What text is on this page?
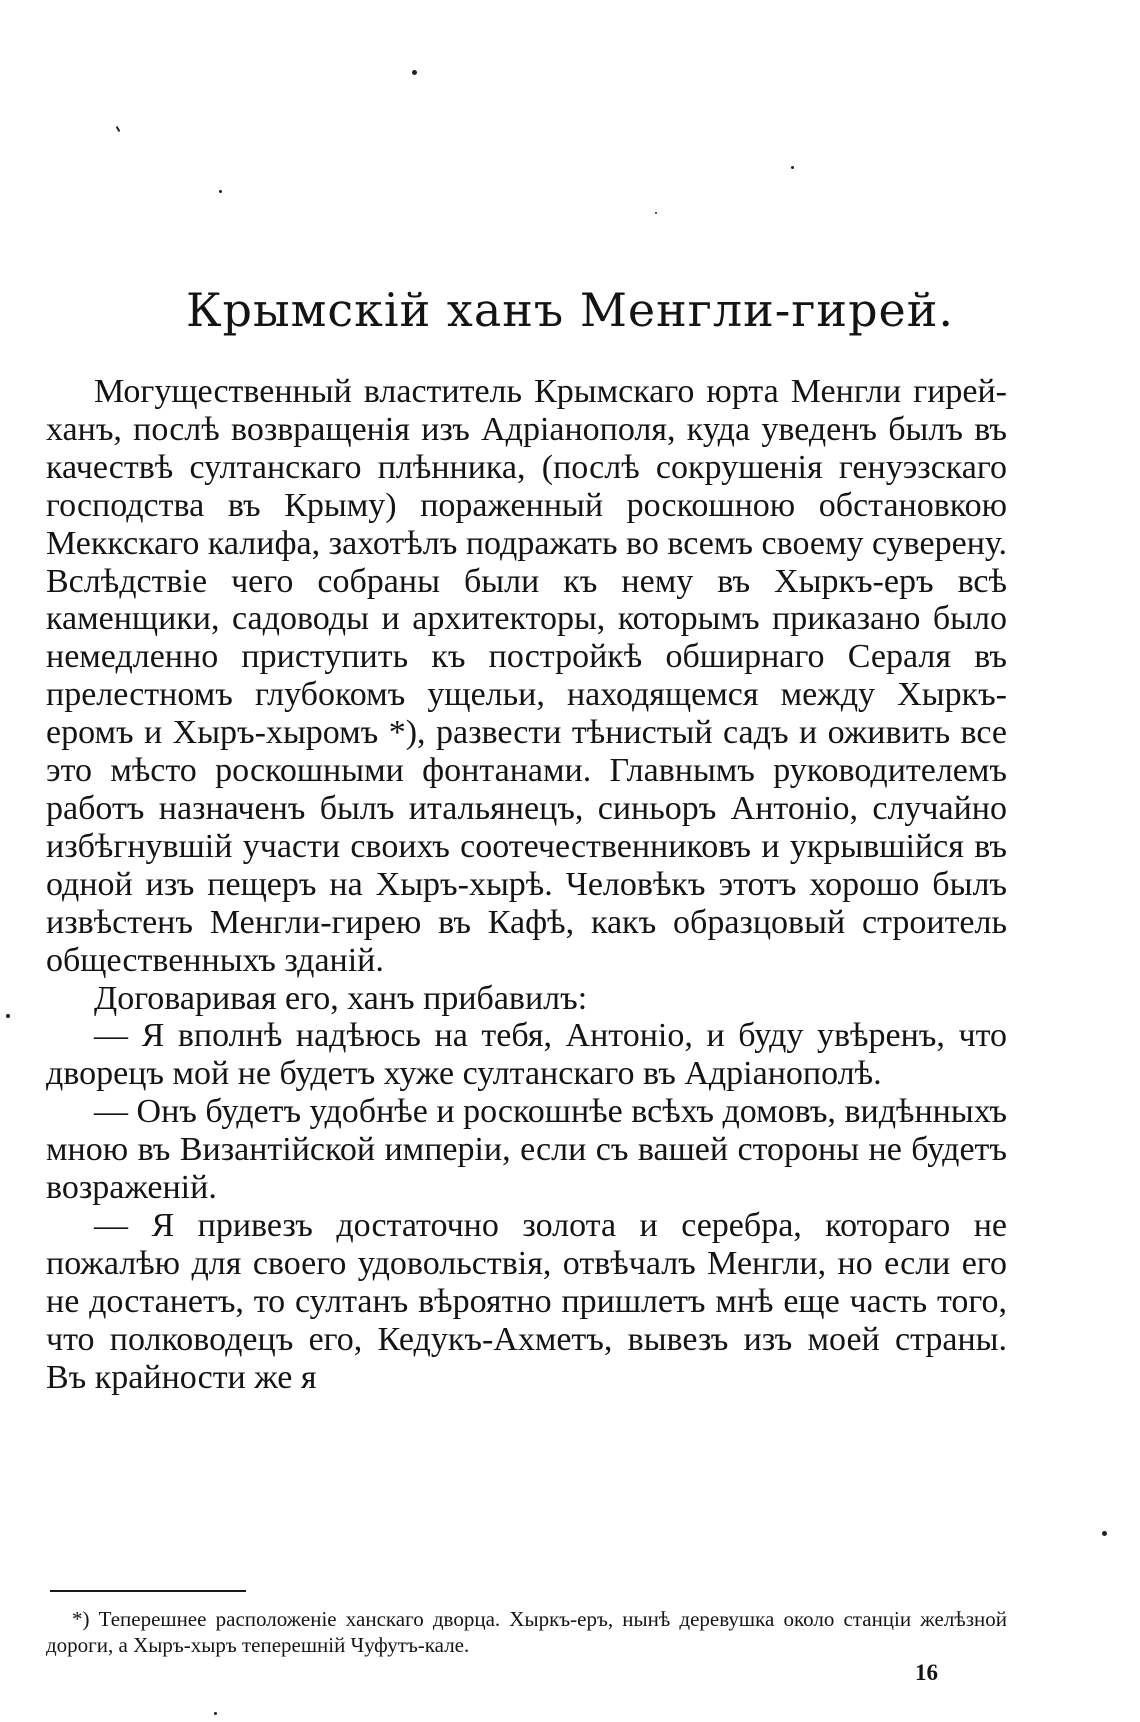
Крымскій ханъ Менгли-гирей.

Могущественный властитель Крымскаго юрта Менгли гирей-ханъ, послѣ возвращенія изъ Адріанополя, куда уведенъ былъ въ качествѣ султанскаго плѣнника, (послѣ сокрушенія генуэзскаго господства въ Крыму) пораженный роскошною обстановкою Меккскаго калифа, захотѣлъ подражать во всемъ своему суверену. Вслѣдствіе чего собраны были къ нему въ Хыркъ-еръ всѣ каменщики, садоводы и архитекторы, которымъ приказано было немедленно приступить къ постройкѣ обширнаго Сераля въ прелестномъ глубокомъ ущельи, находящемся между Хыркъ-еромъ и Хыръ-хыромъ *), развести тѣнистый садъ и оживить все это мѣсто роскошными фонтанами. Главнымъ руководителемъ работъ назначенъ былъ итальянецъ, синьоръ Антоніо, случайно избѣгнувшій участи своихъ соотечественниковъ и укрывшійся въ одной изъ пещеръ на Хыръ-хырѣ. Человѣкъ этотъ хорошо былъ извѣстенъ Менгли-гирею въ Кафѣ, какъ образцовый строитель общественныхъ зданій.

Договаривая его, ханъ прибавилъ:

— Я вполнѣ надѣюсь на тебя, Антоніо, и буду увѣренъ, что дворецъ мой не будетъ хуже султанскаго въ Адріанополѣ.

— Онъ будетъ удобнѣе и роскошнѣе всѣхъ домовъ, видѣнныхъ мною въ Византійской имперіи, если съ вашей стороны не будетъ возраженій.

— Я привезъ достаточно золота и серебра, котораго не пожалѣю для своего удовольствія, отвѣчалъ Менгли, но если его не достанетъ, то султанъ вѣроятно пришлетъ мнѣ еще часть того, что полководецъ его, Кедукъ-Ахметъ, вывезъ изъ моей страны. Въ крайности же я

*) Теперешнее расположеніе ханскаго дворца. Хыркъ-еръ, нынѣ деревушка около станціи желѣзной дороги, а Хыръ-хыръ теперешній Чуфутъ-кале.

16
